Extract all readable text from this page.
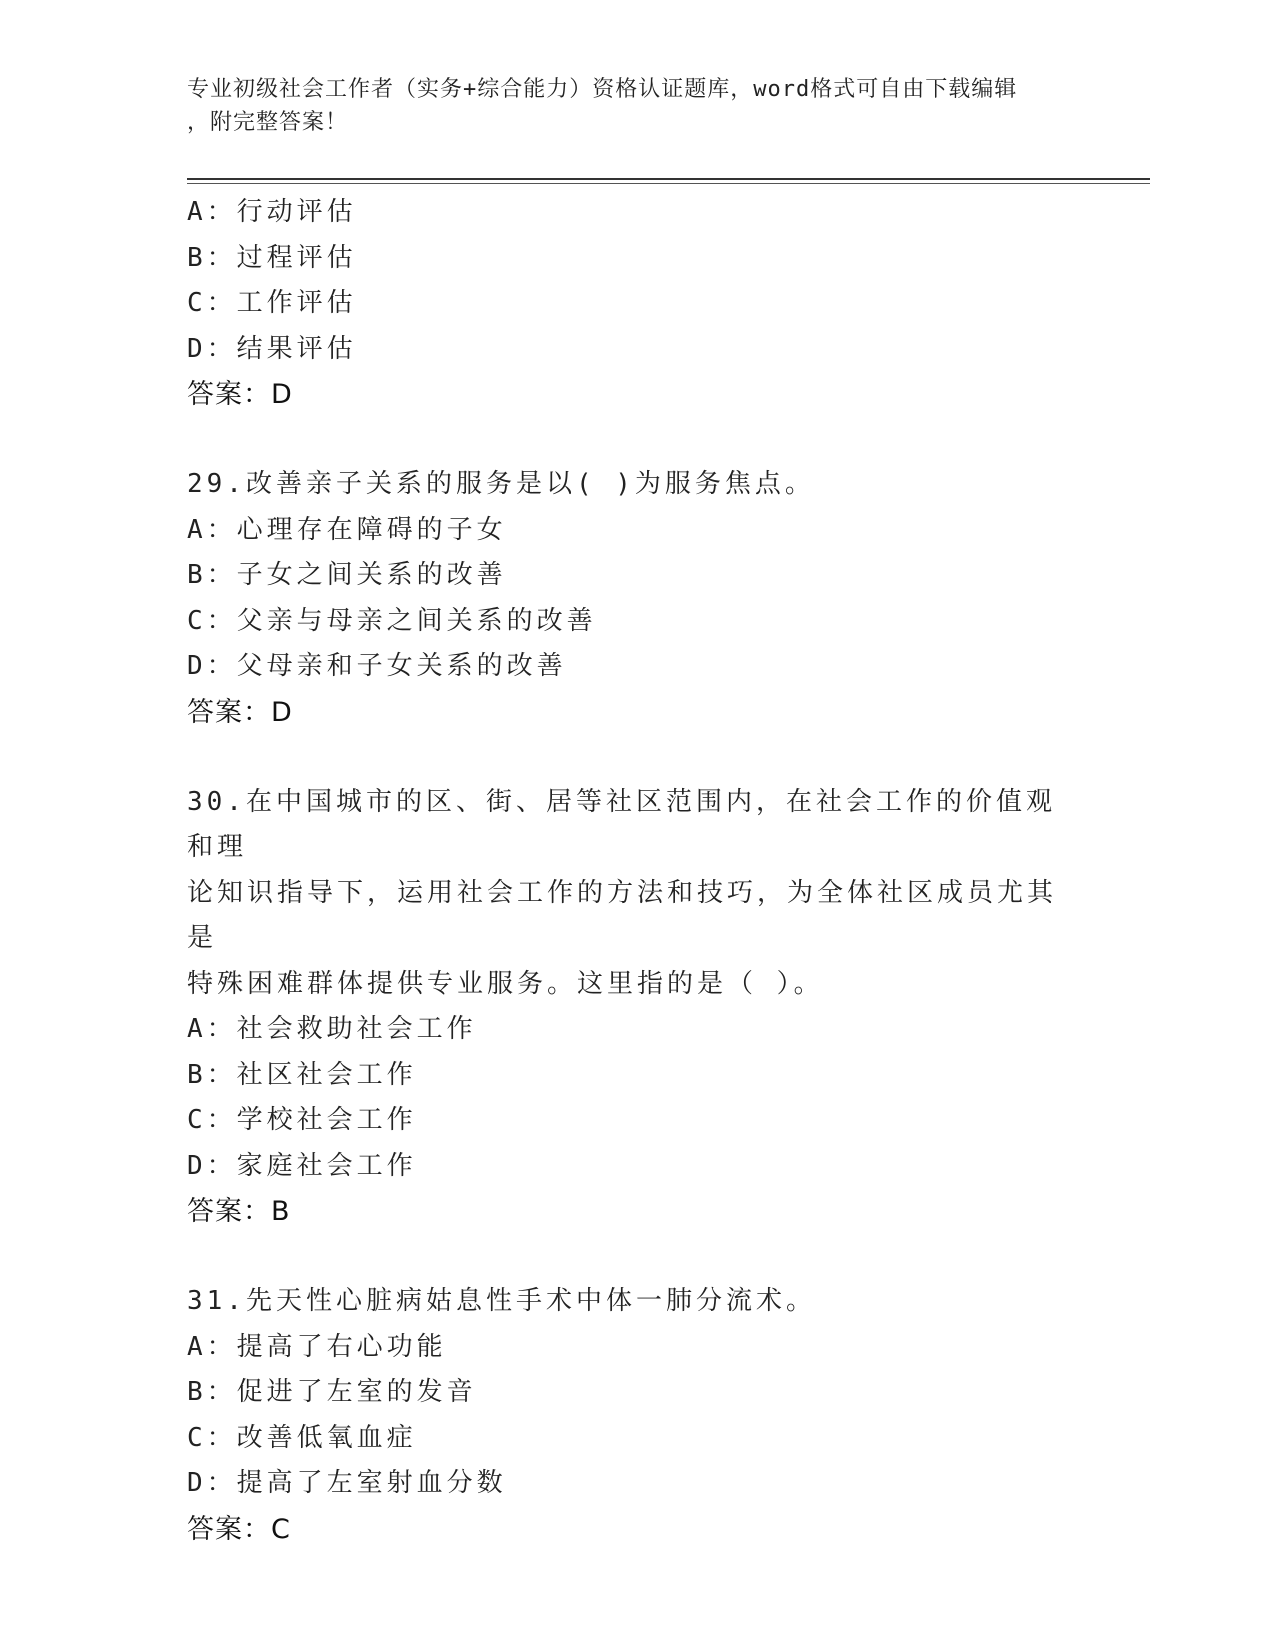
专业初级社会工作者（实务+综合能力）资格认证题库，word格式可自由下载编辑
，附完整答案！
A：行动评估
B：过程评估
C：工作评估
D：结果评估
答案：D
29.改善亲子关系的服务是以( )为服务焦点。
A：心理存在障碍的子女
B：子女之间关系的改善
C：父亲与母亲之间关系的改善
D：父母亲和子女关系的改善
答案：D
30.在中国城市的区、街、居等社区范围内，在社会工作的价值观和理
论知识指导下，运用社会工作的方法和技巧，为全体社区成员尤其是
特殊困难群体提供专业服务。这里指的是（ ）。
A：社会救助社会工作
B：社区社会工作
C：学校社会工作
D：家庭社会工作
答案：B
31.先天性心脏病姑息性手术中体一肺分流术。
A：提高了右心功能
B：促进了左室的发音
C：改善低氧血症
D：提高了左室射血分数
答案：C
